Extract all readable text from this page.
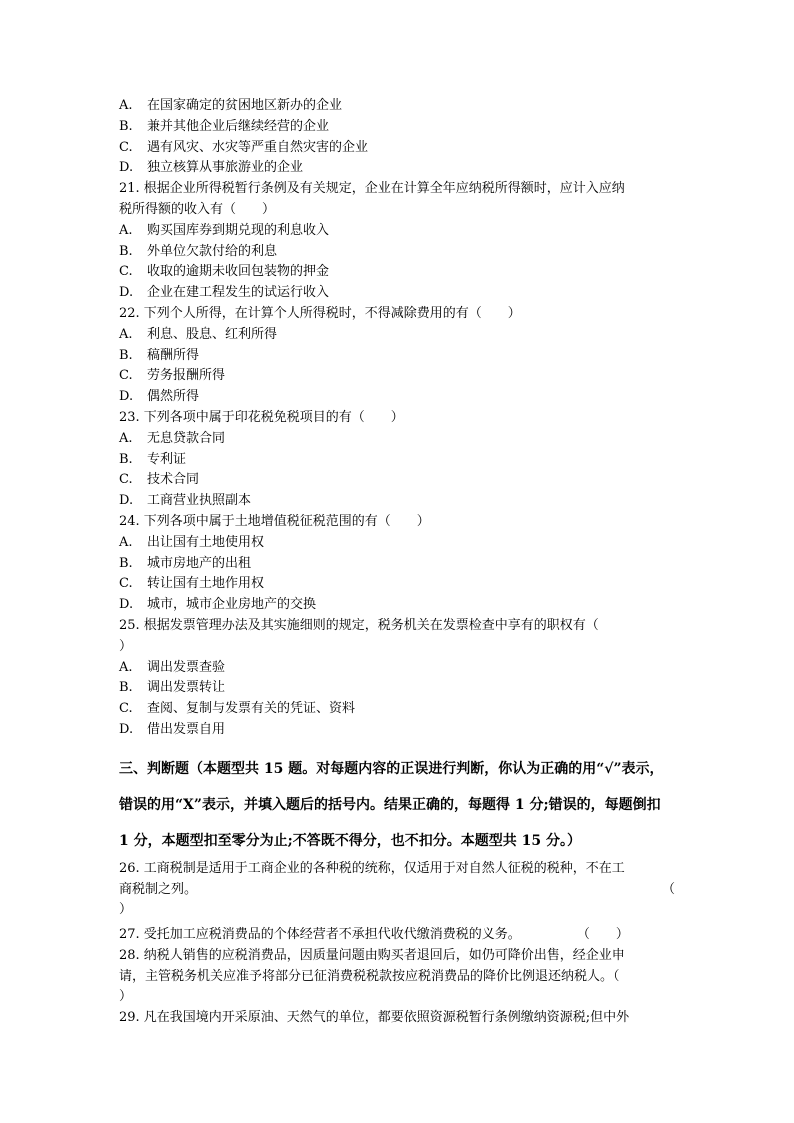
A.	在国家确定的贫困地区新办的企业
B.	兼并其他企业后继续经营的企业
C.	遇有风灾、水灾等严重自然灾害的企业
D.	独立核算从事旅游业的企业
21. 根据企业所得税暂行条例及有关规定，企业在计算全年应纳税所得额时，应计入应纳
税所得额的收入有（　　）
A.	购买国库券到期兑现的利息收入
B.	外单位欠款付给的利息
C.	收取的逾期未收回包装物的押金
D.	企业在建工程发生的试运行收入
22. 下列个人所得，在计算个人所得税时，不得减除费用的有（　　）
A.	利息、股息、红利所得
B.	稿酬所得
C.	劳务报酬所得
D.	偶然所得
23. 下列各项中属于印花税免税项目的有（　　）
A.	无息贷款合同
B.	专利证
C.	技术合同
D.	工商营业执照副本
24. 下列各项中属于土地增值税征税范围的有（　　）
A.	出让国有土地使用权
B.	城市房地产的出租
C.	转让国有土地作用权
D.	城市，城市企业房地产的交换
25. 根据发票管理办法及其实施细则的规定，税务机关在发票检查中享有的职权有（
）
A.	调出发票查验
B.	调出发票转让
C.	查阅、复制与发票有关的凭证、资料
D.	借出发票自用
三、判断题（本题型共 15 题。对每题内容的正误进行判断，你认为正确的用“√”表示，
错误的用“X”表示，并填入题后的括号内。结果正确的，每题得 1 分;错误的，每题倒扣
1 分，本题型扣至零分为止;不答既不得分，也不扣分。本题型共 15 分。）
26. 工商税制是适用于工商企业的各种税的统称，仅适用于对自然人征税的税种，不在工
商税制之列。	（
）
27. 受托加工应税消费品的个体经营者不承担代收代缴消费税的义务。	（　　）
28. 纳税人销售的应税消费品，因质量问题由购买者退回后，如仍可降价出售，经企业申
请，主管税务机关应准予将部分已征消费税税款按应税消费品的降价比例退还纳税人。（
）
29. 凡在我国境内开采原油、天然气的单位，都要依照资源税暂行条例缴纳资源税;但中外
